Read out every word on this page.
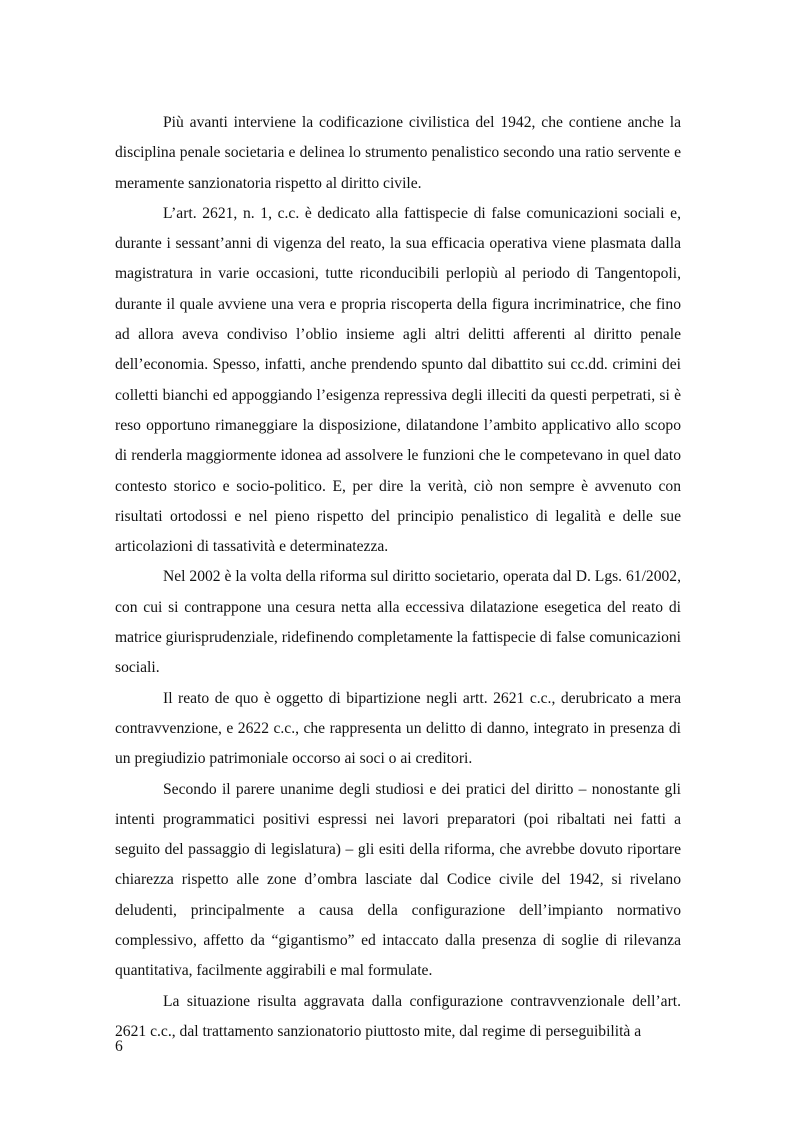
Più avanti interviene la codificazione civilistica del 1942, che contiene anche la disciplina penale societaria e delinea lo strumento penalistico secondo una ratio servente e meramente sanzionatoria rispetto al diritto civile.

L’art. 2621, n. 1, c.c. è dedicato alla fattispecie di false comunicazioni sociali e, durante i sessant’anni di vigenza del reato, la sua efficacia operativa viene plasmata dalla magistratura in varie occasioni, tutte riconducibili perlopiù al periodo di Tangentopoli, durante il quale avviene una vera e propria riscoperta della figura incriminatrice, che fino ad allora aveva condiviso l’oblio insieme agli altri delitti afferenti al diritto penale dell’economia. Spesso, infatti, anche prendendo spunto dal dibattito sui cc.dd. crimini dei colletti bianchi ed appoggiando l’esigenza repressiva degli illeciti da questi perpetrati, si è reso opportuno rimaneggiare la disposizione, dilatandone l’ambito applicativo allo scopo di renderla maggiormente idonea ad assolvere le funzioni che le competevano in quel dato contesto storico e socio-politico. E, per dire la verità, ciò non sempre è avvenuto con risultati ortodossi e nel pieno rispetto del principio penalistico di legalità e delle sue articolazioni di tassatività e determinatezza.

Nel 2002 è la volta della riforma sul diritto societario, operata dal D. Lgs. 61/2002, con cui si contrappone una cesura netta alla eccessiva dilatazione esegetica del reato di matrice giurisprudenziale, ridefinendo completamente la fattispecie di false comunicazioni sociali.

Il reato de quo è oggetto di bipartizione negli artt. 2621 c.c., derubricato a mera contravvenzione, e 2622 c.c., che rappresenta un delitto di danno, integrato in presenza di un pregiudizio patrimoniale occorso ai soci o ai creditori.

Secondo il parere unanime degli studiosi e dei pratici del diritto – nonostante gli intenti programmatici positivi espressi nei lavori preparatori (poi ribaltati nei fatti a seguito del passaggio di legislatura) – gli esiti della riforma, che avrebbe dovuto riportare chiarezza rispetto alle zone d’ombra lasciate dal Codice civile del 1942, si rivelano deludenti, principalmente a causa della configurazione dell’impianto normativo complessivo, affetto da “gigantismo” ed intaccato dalla presenza di soglie di rilevanza quantitativa, facilmente aggirabili e mal formulate.

La situazione risulta aggravata dalla configurazione contravvenzionale dell’art. 2621 c.c., dal trattamento sanzionatorio piuttosto mite, dal regime di perseguibilità a

6
